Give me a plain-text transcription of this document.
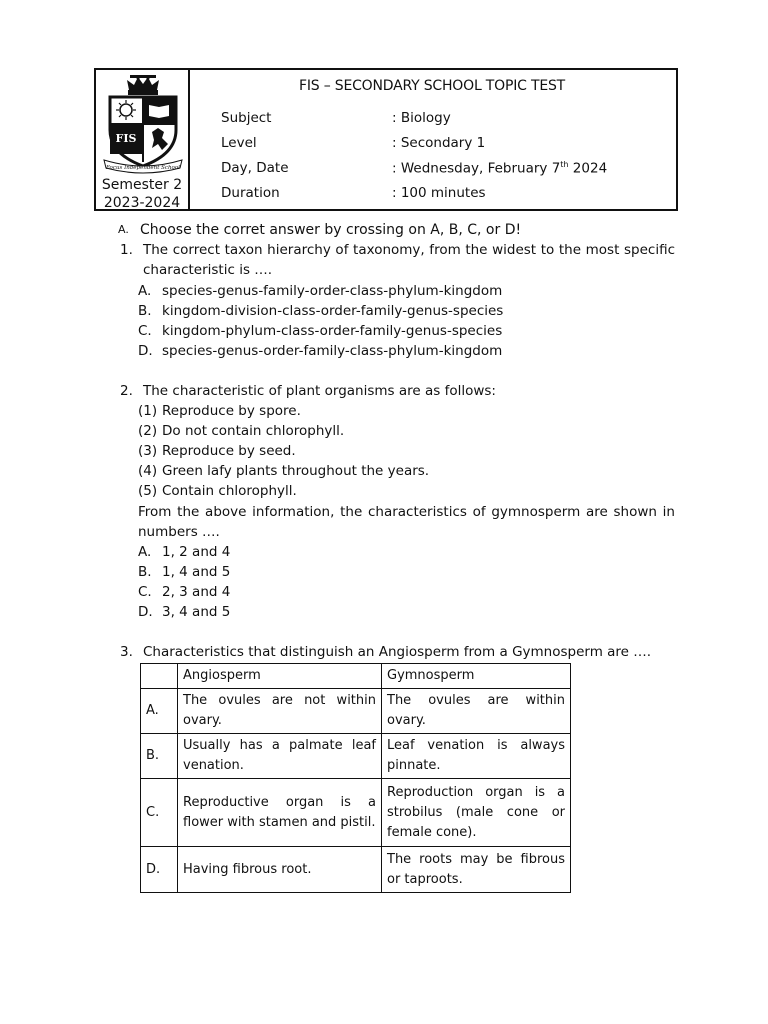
FIS
Focus Independent School
Semester 2
2023-2024
FIS – SECONDARY SCHOOL TOPIC TEST
Subject	: Biology
Level	: Secondary 1
Day, Date	: Wednesday, February 7th 2024
Duration	: 100 minutes
A. Choose the corret answer by crossing on A, B, C, or D!
1. The correct taxon hierarchy of taxonomy, from the widest to the most specific
characteristic is ….
A. species-genus-family-order-class-phylum-kingdom
B. kingdom-division-class-order-family-genus-species
C. kingdom-phylum-class-order-family-genus-species
D. species-genus-order-family-class-phylum-kingdom
2. The characteristic of plant organisms are as follows:
(1) Reproduce by spore.
(2) Do not contain chlorophyll.
(3) Reproduce by seed.
(4) Green lafy plants throughout the years.
(5) Contain chlorophyll.
From the above information, the characteristics of gymnosperm are shown in
numbers ….
A. 1, 2 and 4
B. 1, 4 and 5
C. 2, 3 and 4
D. 3, 4 and 5
3. Characteristics that distinguish an Angiosperm from a Gymnosperm are ….
	Angiosperm	Gymnosperm
A.	The ovules are not within ovary.	The ovules are within ovary.
B.	Usually has a palmate leaf venation.	Leaf venation is always pinnate.
C.	Reproductive organ is a flower with stamen and pistil.	Reproduction organ is a strobilus (male cone or female cone).
D.	Having fibrous root.	The roots may be fibrous or taproots.
